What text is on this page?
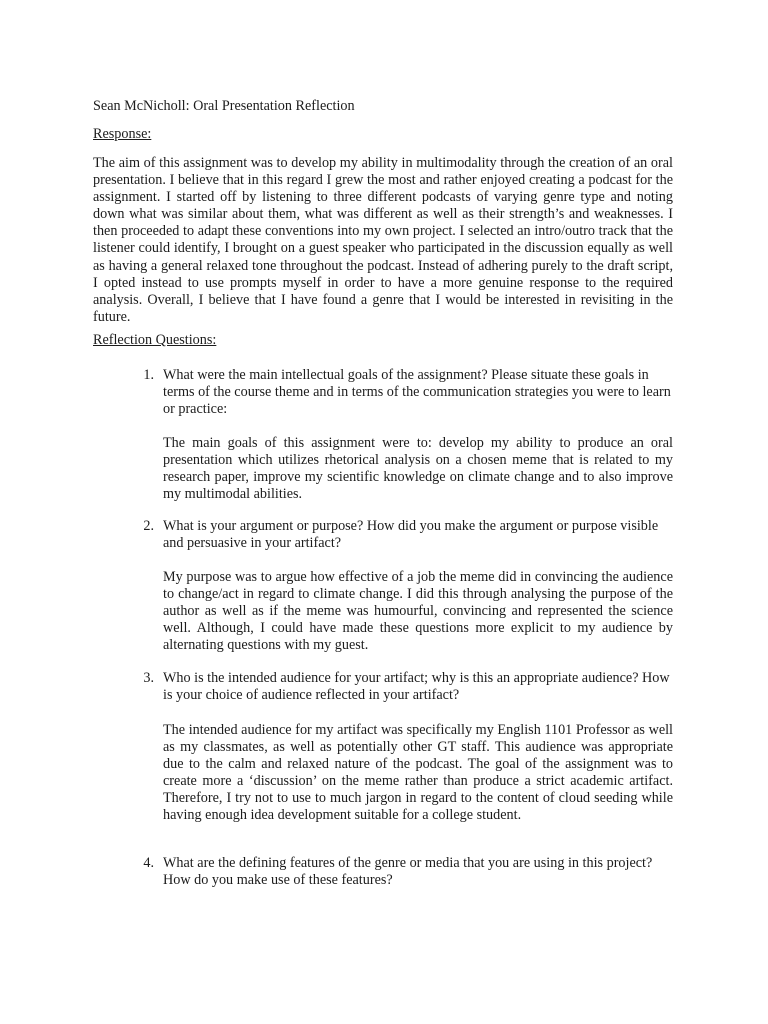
Sean McNicholl: Oral Presentation Reflection
Response:
The aim of this assignment was to develop my ability in multimodality through the creation of an oral presentation. I believe that in this regard I grew the most and rather enjoyed creating a podcast for the assignment. I started off by listening to three different podcasts of varying genre type and noting down what was similar about them, what was different as well as their strength’s and weaknesses. I then proceeded to adapt these conventions into my own project. I selected an intro/outro track that the listener could identify, I brought on a guest speaker who participated in the discussion equally as well as having a general relaxed tone throughout the podcast. Instead of adhering purely to the draft script, I opted instead to use prompts myself in order to have a more genuine response to the required analysis. Overall, I believe that I have found a genre that I would be interested in revisiting in the future.
Reflection Questions:
1. What were the main intellectual goals of the assignment? Please situate these goals in terms of the course theme and in terms of the communication strategies you were to learn or practice:
The main goals of this assignment were to: develop my ability to produce an oral presentation which utilizes rhetorical analysis on a chosen meme that is related to my research paper, improve my scientific knowledge on climate change and to also improve my multimodal abilities.
2. What is your argument or purpose? How did you make the argument or purpose visible and persuasive in your artifact?
My purpose was to argue how effective of a job the meme did in convincing the audience to change/act in regard to climate change. I did this through analysing the purpose of the author as well as if the meme was humourful, convincing and represented the science well. Although, I could have made these questions more explicit to my audience by alternating questions with my guest.
3. Who is the intended audience for your artifact; why is this an appropriate audience? How is your choice of audience reflected in your artifact?
The intended audience for my artifact was specifically my English 1101 Professor as well as my classmates, as well as potentially other GT staff. This audience was appropriate due to the calm and relaxed nature of the podcast. The goal of the assignment was to create more a ‘discussion’ on the meme rather than produce a strict academic artifact. Therefore, I try not to use to much jargon in regard to the content of cloud seeding while having enough idea development suitable for a college student.
4. What are the defining features of the genre or media that you are using in this project? How do you make use of these features?
